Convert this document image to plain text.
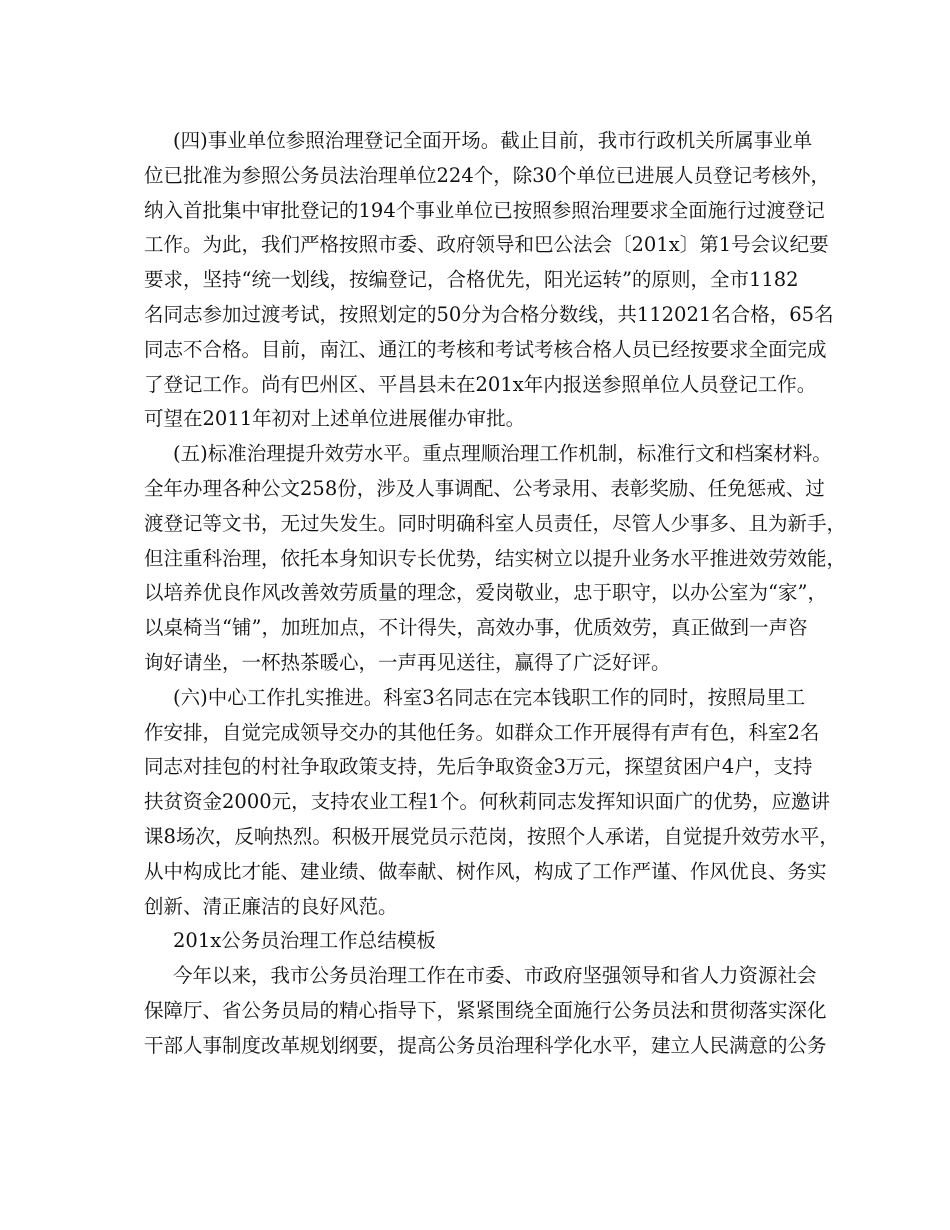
(四)事业单位参照治理登记全面开场。截止目前，我市行政机关所属事业单
位已批准为参照公务员法治理单位224个，除30个单位已进展人员登记考核外，
纳入首批集中审批登记的194个事业单位已按照参照治理要求全面施行过渡登记
工作。为此，我们严格按照市委、政府领导和巴公法会〔201x〕第1号会议纪要
要求，坚持“统一划线，按编登记，合格优先，阳光运转”的原则，全市1182
名同志参加过渡考试，按照划定的50分为合格分数线，共112021名合格，65名
同志不合格。目前，南江、通江的考核和考试考核合格人员已经按要求全面完成
了登记工作。尚有巴州区、平昌县未在201x年内报送参照单位人员登记工作。
可望在2011年初对上述单位进展催办审批。
(五)标准治理提升效劳水平。重点理顺治理工作机制，标准行文和档案材料。
全年办理各种公文258份，涉及人事调配、公考录用、表彰奖励、任免惩戒、过
渡登记等文书，无过失发生。同时明确科室人员责任，尽管人少事多、且为新手，
但注重科治理，依托本身知识专长优势，结实树立以提升业务水平推进效劳效能，
以培养优良作风改善效劳质量的理念，爱岗敬业，忠于职守，以办公室为“家”，
以桌椅当“铺”，加班加点，不计得失，高效办事，优质效劳，真正做到一声咨
询好请坐，一杯热茶暖心，一声再见送往，赢得了广泛好评。
(六)中心工作扎实推进。科室3名同志在完本钱职工作的同时，按照局里工
作安排，自觉完成领导交办的其他任务。如群众工作开展得有声有色，科室2名
同志对挂包的村社争取政策支持，先后争取资金3万元，探望贫困户4户，支持
扶贫资金2000元，支持农业工程1个。何秋莉同志发挥知识面广的优势，应邀讲
课8场次，反响热烈。积极开展党员示范岗，按照个人承诺，自觉提升效劳水平，
从中构成比才能、建业绩、做奉献、树作风，构成了工作严谨、作风优良、务实
创新、清正廉洁的良好风范。
201x公务员治理工作总结模板
今年以来，我市公务员治理工作在市委、市政府坚强领导和省人力资源社会
保障厅、省公务员局的精心指导下，紧紧围绕全面施行公务员法和贯彻落实深化
干部人事制度改革规划纲要，提高公务员治理科学化水平，建立人民满意的公务
